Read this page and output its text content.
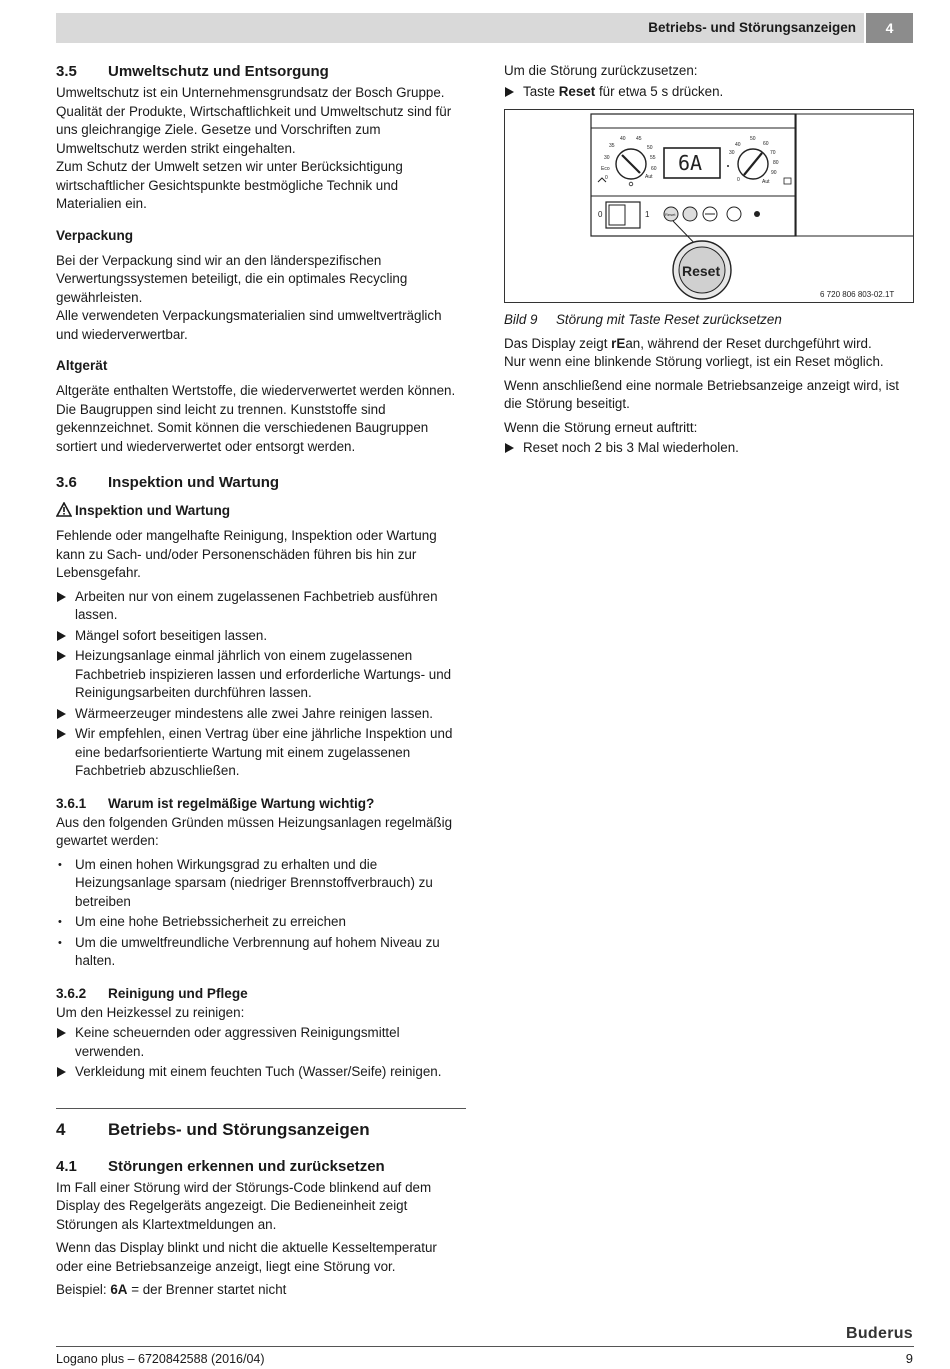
Betriebs- und Störungsanzeigen	4
3.5 Umweltschutz und Entsorgung

Umweltschutz ist ein Unternehmensgrundsatz der Bosch Gruppe. Qualität der Produkte, Wirtschaftlichkeit und Umweltschutz sind für uns gleichrangige Ziele. Gesetze und Vorschriften zum Umweltschutz werden strikt eingehalten.

Zum Schutz der Umwelt setzen wir unter Berücksichtigung wirtschaftlicher Gesichtspunkte bestmögliche Technik und Materialien ein.

Verpackung

Bei der Verpackung sind wir an den länderspezifischen Verwertungssystemen beteiligt, die ein optimales Recycling gewährleisten.

Alle verwendeten Verpackungsmaterialien sind umweltverträglich und wiederverwertbar.

Altgerät

Altgeräte enthalten Wertstoffe, die wiederverwertet werden können. Die Baugruppen sind leicht zu trennen. Kunststoffe sind gekennzeichnet. Somit können die verschiedenen Baugruppen sortiert und wiederverwertet oder entsorgt werden.

3.6 Inspektion und Wartung
Inspektion und Wartung

Fehlende oder mangelhafte Reinigung, Inspektion oder Wartung kann zu Sach- und/oder Personenschäden führen bis hin zur Lebensgefahr.

Arbeiten nur von einem zugelassenen Fachbetrieb ausführen lassen.
Mängel sofort beseitigen lassen.
Heizungsanlage einmal jährlich von einem zugelassenen Fachbetrieb inspizieren lassen und erforderliche Wartungs- und Reinigungsarbeiten durchführen lassen.
Wärmeerzeuger mindestens alle zwei Jahre reinigen lassen.
Wir empfehlen, einen Vertrag über eine jährliche Inspektion und eine bedarfsorientierte Wartung mit einem zugelassenen Fachbetrieb abzuschließen.
3.6.1 Warum ist regelmäßige Wartung wichtig?

Aus den folgenden Gründen müssen Heizungsanlagen regelmäßig gewartet werden:

• Um einen hohen Wirkungsgrad zu erhalten und die Heizungsanlage sparsam (niedriger Brennstoffverbrauch) zu betreiben
• Um eine hohe Betriebssicherheit zu erreichen
• Um die umweltfreundliche Verbrennung auf hohem Niveau zu halten.
3.6.2 Reinigung und Pflege

Um den Heizkessel zu reinigen:

Keine scheuernden oder aggressiven Reinigungsmittel verwenden.
Verkleidung mit einem feuchten Tuch (Wasser/Seife) reinigen.
4	Betriebs- und Störungsanzeigen
4.1 Störungen erkennen und zurücksetzen

Im Fall einer Störung wird der Störungs-Code blinkend auf dem Display des Regelgeräts angezeigt. Die Bedieneinheit zeigt Störungen als Klartextmeldungen an.

Wenn das Display blinkt und nicht die aktuelle Kesseltemperatur oder eine Betriebsanzeige anzeigt, liegt eine Störung vor.

Beispiel: 6A = der Brenner startet nicht

Um die Störung zurückzusetzen:

Taste Reset für etwa 5 s drücken.
35
40 45
50
55
60
30
Eco
0	Aut
6A
40
50
60
70
80
90
30
0	Aut
0	1	Reset
Reset
6 720 806 803-02.1T

Bild 9 Störung mit Taste Reset zurücksetzen

Das Display zeigt rEan, während der Reset durchgeführt wird.

Nur wenn eine blinkende Störung vorliegt, ist ein Reset möglich.

Wenn anschließend eine normale Betriebsanzeige anzeigt wird, ist die Störung beseitigt.

Wenn die Störung erneut auftritt:

Reset noch 2 bis 3 Mal wiederholen.
Buderus
Logano plus – 6720842588 (2016/04)	9
